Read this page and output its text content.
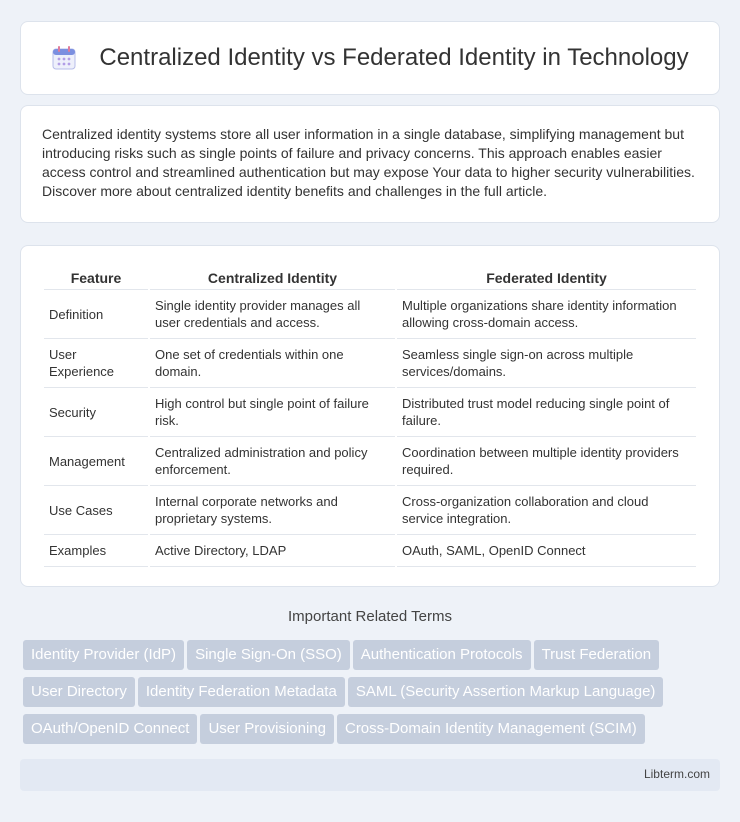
Centralized Identity vs Federated Identity in Technology

Centralized identity systems store all user information in a single database, simplifying management but introducing risks such as single points of failure and privacy concerns. This approach enables easier access control and streamlined authentication but may expose Your data to higher security vulnerabilities. Discover more about centralized identity benefits and challenges in the full article.

Feature	Centralized Identity	Federated Identity
Definition	Single identity provider manages all user credentials and access.	Multiple organizations share identity information allowing cross-domain access.
User Experience	One set of credentials within one domain.	Seamless single sign-on across multiple services/domains.
Security	High control but single point of failure risk.	Distributed trust model reducing single point of failure.
Management	Centralized administration and policy enforcement.	Coordination between multiple identity providers required.
Use Cases	Internal corporate networks and proprietary systems.	Cross-organization collaboration and cloud service integration.
Examples	Active Directory, LDAP	OAuth, SAML, OpenID Connect
Important Related Terms
Identity Provider (IdP) Single Sign-On (SSO) Authentication Protocols Trust Federation
User Directory Identity Federation Metadata SAML (Security Assertion Markup Language)
OAuth/OpenID Connect User Provisioning Cross-Domain Identity Management (SCIM)
Libterm.com
